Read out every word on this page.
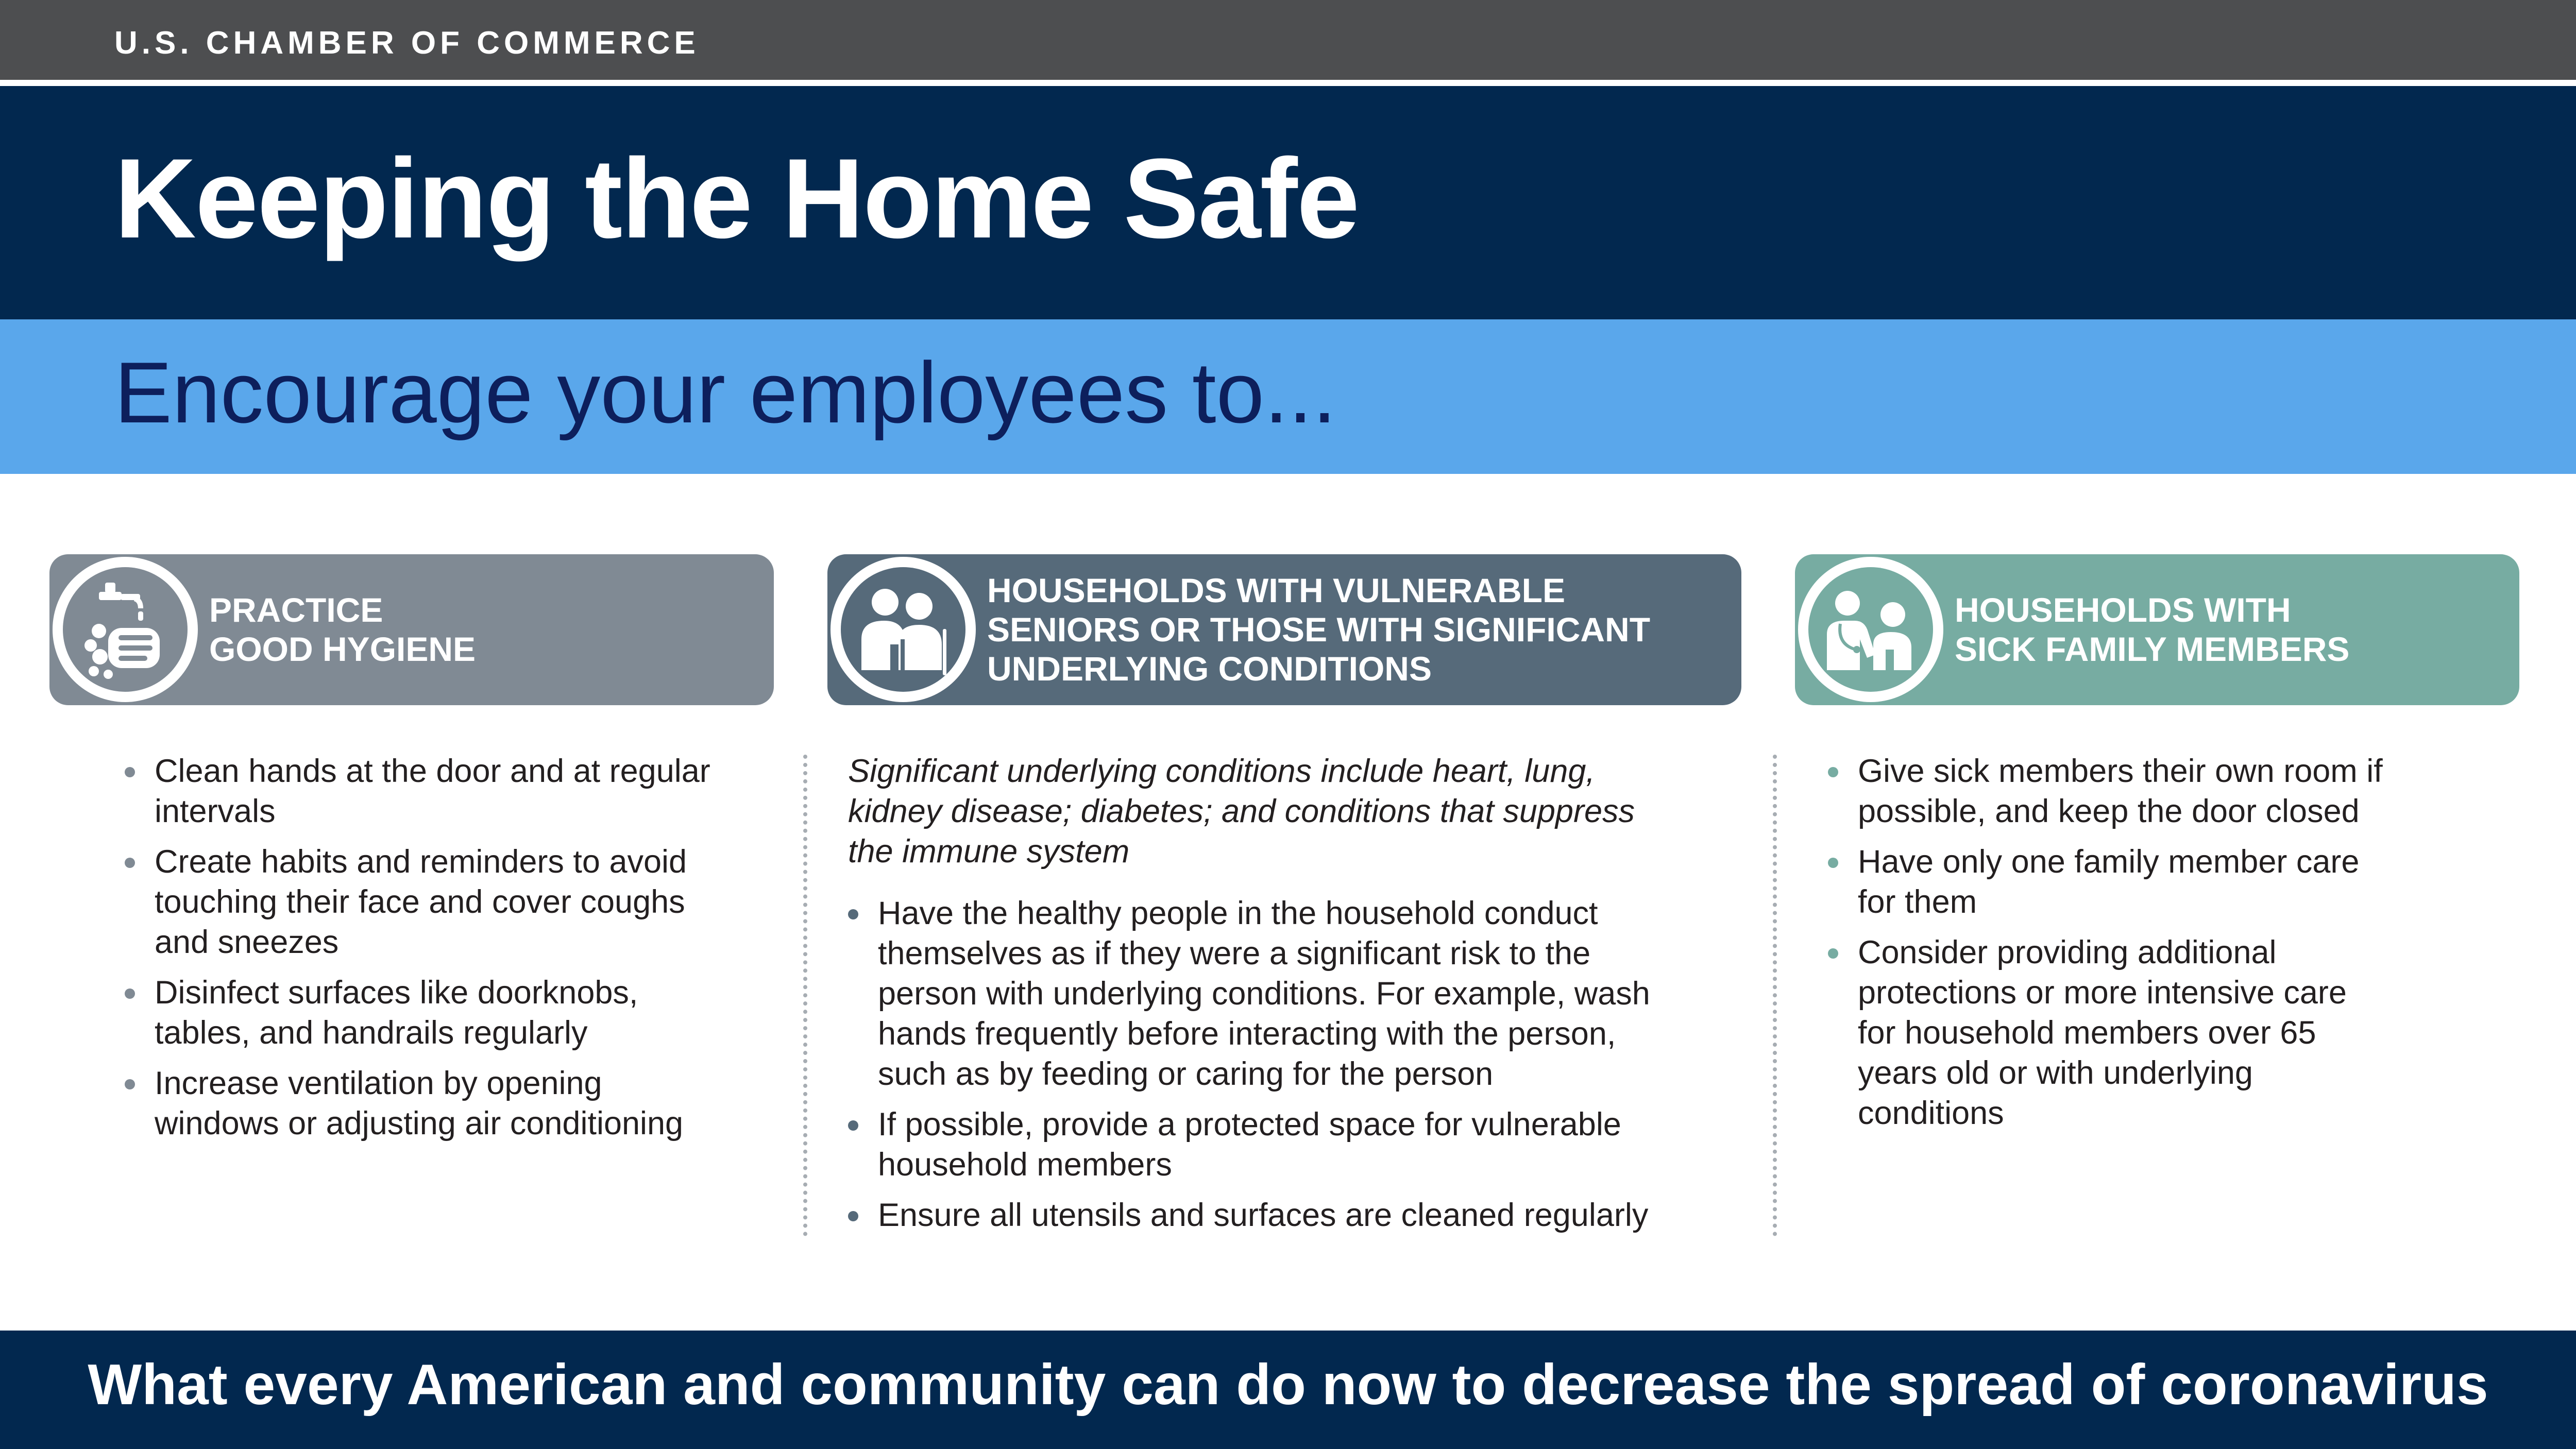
U.S. CHAMBER OF COMMERCE
Keeping the Home Safe
Encourage your employees to...
PRACTICE
GOOD HYGIENE
HOUSEHOLDS WITH VULNERABLE
SENIORS OR THOSE WITH SIGNIFICANT
UNDERLYING CONDITIONS
HOUSEHOLDS WITH
SICK FAMILY MEMBERS
Clean hands at the door and at regular
intervals
Create habits and reminders to avoid
touching their face and cover coughs
and sneezes
Disinfect surfaces like doorknobs,
tables, and handrails regularly
Increase ventilation by opening
windows or adjusting air conditioning
Significant underlying conditions include heart, lung,
kidney disease; diabetes; and conditions that suppress
the immune system
Have the healthy people in the household conduct
themselves as if they were a significant risk to the
person with underlying conditions. For example, wash
hands frequently before interacting with the person,
such as by feeding or caring for the person
If possible, provide a protected space for vulnerable
household members
Ensure all utensils and surfaces are cleaned regularly
Give sick members their own room if
possible, and keep the door closed
Have only one family member care
for them
Consider providing additional
protections or more intensive care
for household members over 65
years old or with underlying
conditions
What every American and community can do now to decrease the spread of coronavirus
